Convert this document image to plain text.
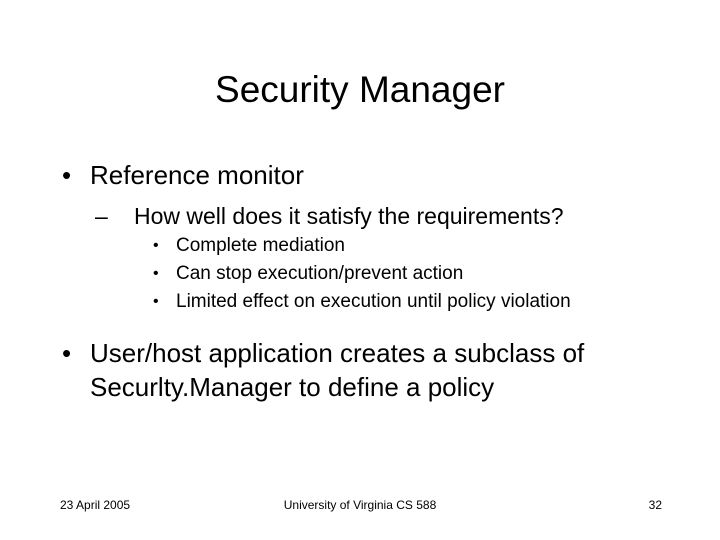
Security Manager
• Reference monitor
– How well does it satisfy the requirements?
• Complete mediation
• Can stop execution/prevent action
• Limited effect on execution until policy violation
• User/host application creates a subclass of Securlty.Manager to define a policy
23 April 2005	University of Virginia CS 588	32
